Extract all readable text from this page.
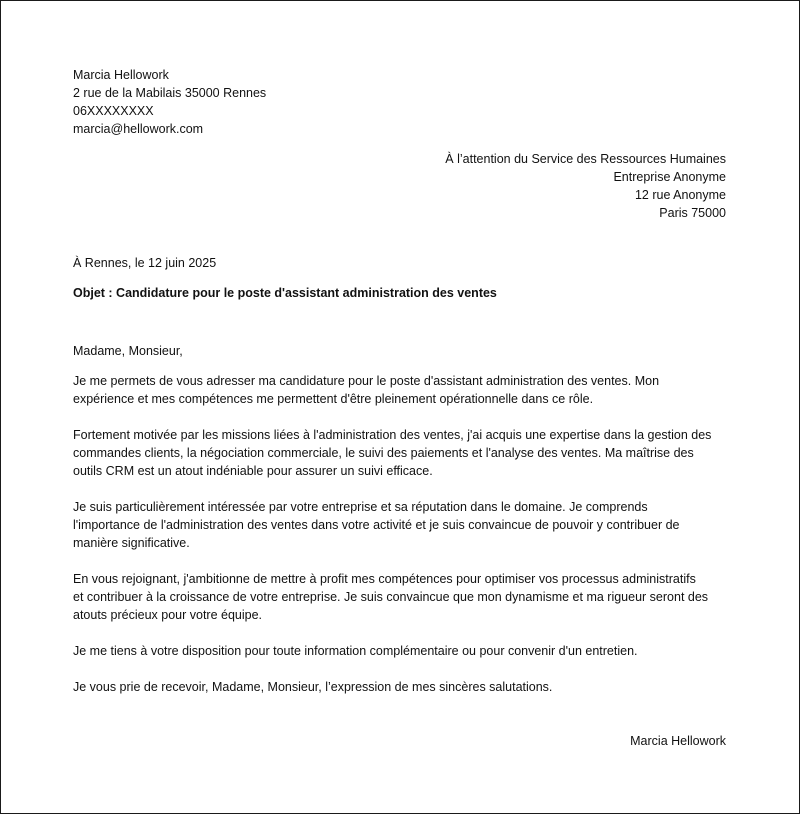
Marcia Hellowork
2 rue de la Mabilais 35000 Rennes
06XXXXXXXX
marcia@hellowork.com
À l’attention du Service des Ressources Humaines
Entreprise Anonyme
12 rue Anonyme
Paris 75000
À Rennes, le 12 juin 2025
Objet : Candidature pour le poste d'assistant administration des ventes
Madame, Monsieur,
Je me permets de vous adresser ma candidature pour le poste d'assistant administration des ventes. Mon
expérience et mes compétences me permettent d'être pleinement opérationnelle dans ce rôle.
Fortement motivée par les missions liées à l'administration des ventes, j'ai acquis une expertise dans la gestion des
commandes clients, la négociation commerciale, le suivi des paiements et l'analyse des ventes. Ma maîtrise des
outils CRM est un atout indéniable pour assurer un suivi efficace.
Je suis particulièrement intéressée par votre entreprise et sa réputation dans le domaine. Je comprends
l'importance de l'administration des ventes dans votre activité et je suis convaincue de pouvoir y contribuer de
manière significative.
En vous rejoignant, j'ambitionne de mettre à profit mes compétences pour optimiser vos processus administratifs
et contribuer à la croissance de votre entreprise. Je suis convaincue que mon dynamisme et ma rigueur seront des
atouts précieux pour votre équipe.
Je me tiens à votre disposition pour toute information complémentaire ou pour convenir d'un entretien.
Je vous prie de recevoir, Madame, Monsieur, l’expression de mes sincères salutations.
Marcia Hellowork
